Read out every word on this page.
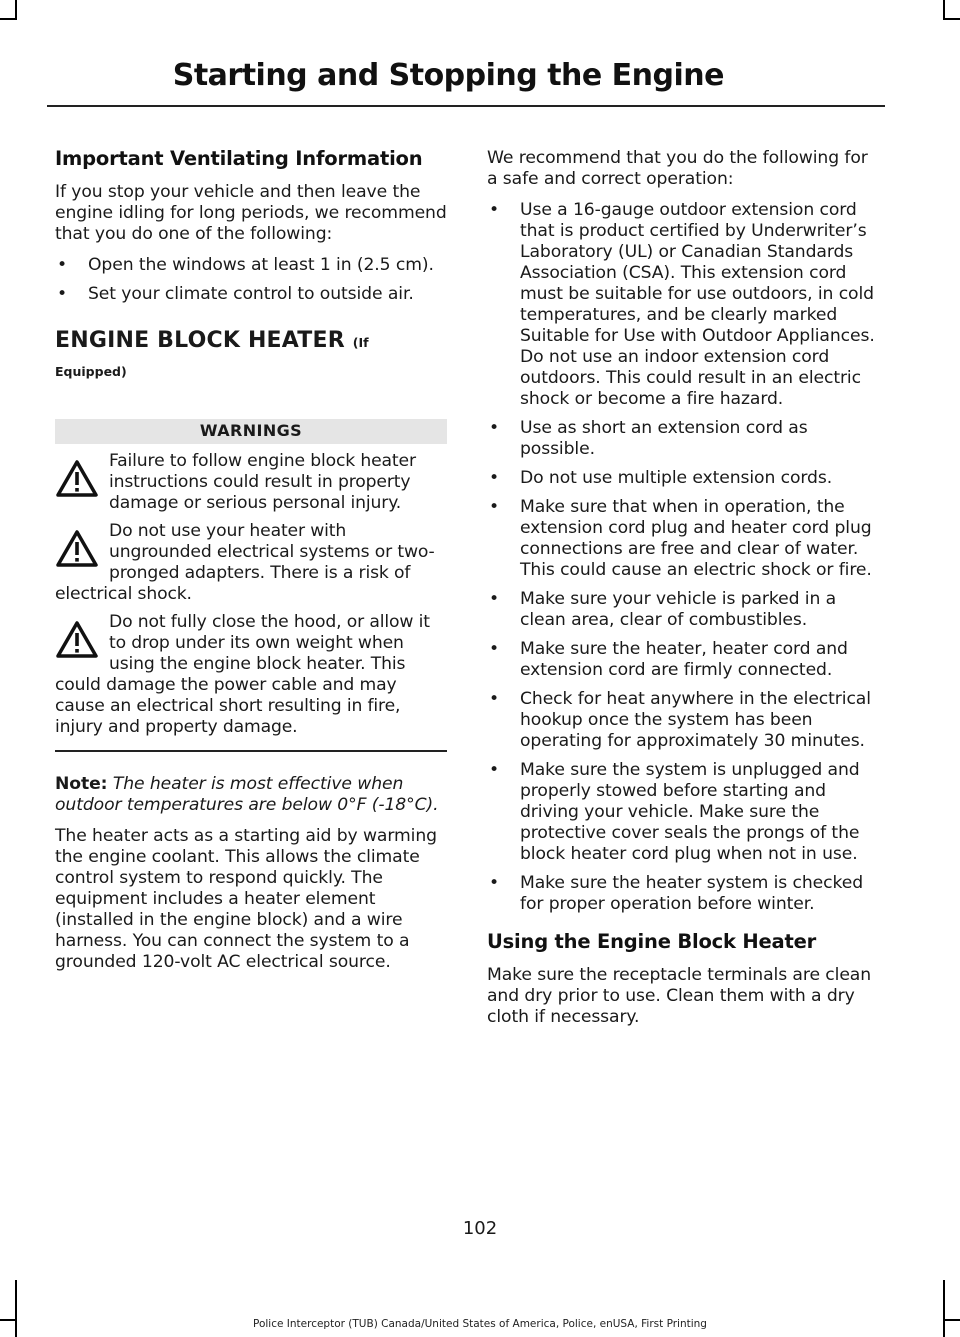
Starting and Stopping the Engine
Important Ventilating Information

If you stop your vehicle and then leave the engine idling for long periods, we recommend that you do one of the following:

• Open the windows at least 1 in (2.5 cm).
• Set your climate control to outside air.
ENGINE BLOCK HEATER (If
Equipped)
WARNINGS
Failure to follow engine block heater instructions could result in property damage or serious personal injury.
Do not use your heater with ungrounded electrical systems or two-pronged adapters. There is a risk of electrical shock.
Do not fully close the hood, or allow it to drop under its own weight when using the engine block heater. This could damage the power cable and may cause an electrical short resulting in fire, injury and property damage.

Note: The heater is most effective when outdoor temperatures are below 0°F (-18°C).

The heater acts as a starting aid by warming the engine coolant. This allows the climate control system to respond quickly. The equipment includes a heater element (installed in the engine block) and a wire harness. You can connect the system to a grounded 120-volt AC electrical source.

We recommend that you do the following for a safe and correct operation:

• Use a 16-gauge outdoor extension cord that is product certified by Underwriter’s Laboratory (UL) or Canadian Standards Association (CSA). This extension cord must be suitable for use outdoors, in cold temperatures, and be clearly marked Suitable for Use with Outdoor Appliances. Do not use an indoor extension cord outdoors. This could result in an electric shock or become a fire hazard.
• Use as short an extension cord as possible.
• Do not use multiple extension cords.
• Make sure that when in operation, the extension cord plug and heater cord plug connections are free and clear of water. This could cause an electric shock or fire.
• Make sure your vehicle is parked in a clean area, clear of combustibles.
• Make sure the heater, heater cord and extension cord are firmly connected.
• Check for heat anywhere in the electrical hookup once the system has been operating for approximately 30 minutes.
• Make sure the system is unplugged and properly stowed before starting and driving your vehicle. Make sure the protective cover seals the prongs of the block heater cord plug when not in use.
• Make sure the heater system is checked for proper operation before winter.
Using the Engine Block Heater

Make sure the receptacle terminals are clean and dry prior to use. Clean them with a dry cloth if necessary.

102
Police Interceptor (TUB) Canada/United States of America, Police, enUSA, First Printing
